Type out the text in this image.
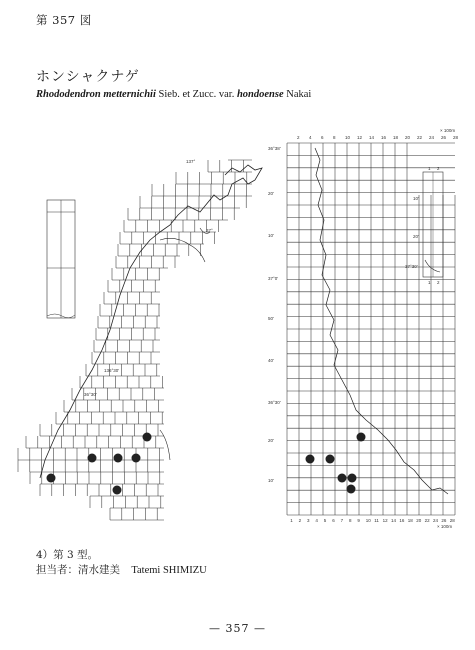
第 357 図
ホンシャクナゲ
Rhododendron metternichii Sieb. et Zucc. var. hondoense Nakai
137°
136°30'
36°30'
37°
× 100m
× 100m
2 4 6 8 10 12 14 16 18 20 22 24 26 28
1 2 3 4 5 6 7 8 9 10 11 12 14 16 18 20 22 24 26 28
36°38'
20'
10'
37°0'
50'
40'
36°30'
20'
10'
1 2
10'
20'
37°30'
1 2
4）第 3 型。
担当者：清水建美 Tatemi SHIMIZU
— 357 —
